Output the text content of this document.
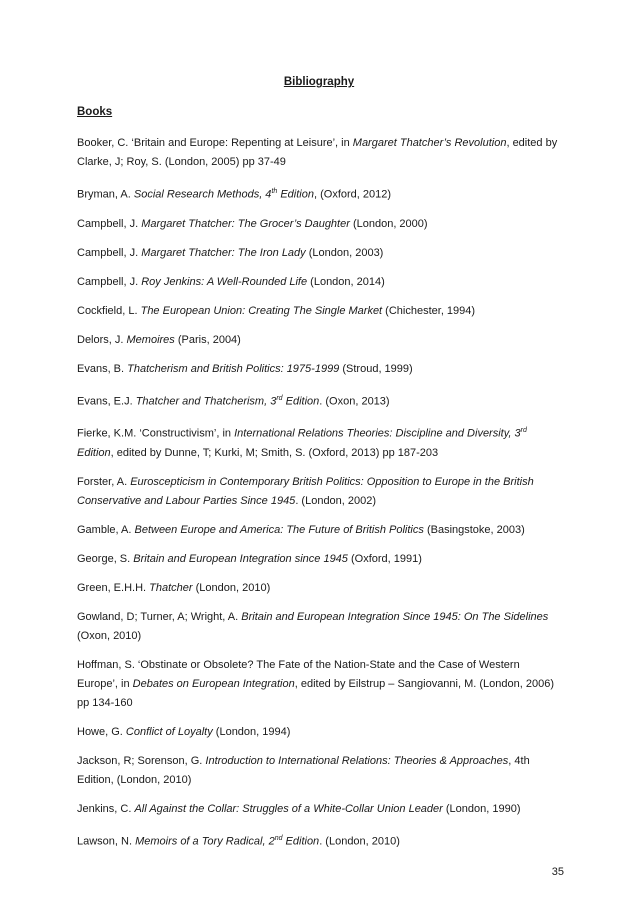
Bibliography
Books

Booker, C. ‘Britain and Europe: Repenting at Leisure’, in Margaret Thatcher’s Revolution, edited by Clarke, J; Roy, S. (London, 2005) pp 37-49

Bryman, A. Social Research Methods, 4th Edition, (Oxford, 2012)

Campbell, J. Margaret Thatcher: The Grocer’s Daughter (London, 2000)

Campbell, J. Margaret Thatcher: The Iron Lady (London, 2003)

Campbell, J. Roy Jenkins: A Well-Rounded Life (London, 2014)

Cockfield, L. The European Union: Creating The Single Market (Chichester, 1994)

Delors, J. Memoires (Paris, 2004)

Evans, B. Thatcherism and British Politics: 1975-1999 (Stroud, 1999)

Evans, E.J. Thatcher and Thatcherism, 3rd Edition. (Oxon, 2013)

Fierke, K.M. ‘Constructivism’, in International Relations Theories: Discipline and Diversity, 3rd Edition, edited by Dunne, T; Kurki, M; Smith, S. (Oxford, 2013) pp 187-203

Forster, A. Euroscepticism in Contemporary British Politics: Opposition to Europe in the British Conservative and Labour Parties Since 1945. (London, 2002)

Gamble, A. Between Europe and America: The Future of British Politics (Basingstoke, 2003)

George, S. Britain and European Integration since 1945 (Oxford, 1991)

Green, E.H.H. Thatcher (London, 2010)

Gowland, D; Turner, A; Wright, A. Britain and European Integration Since 1945: On The Sidelines (Oxon, 2010)

Hoffman, S. ‘Obstinate or Obsolete? The Fate of the Nation-State and the Case of Western Europe’, in Debates on European Integration, edited by Eilstrup – Sangiovanni, M. (London, 2006) pp 134-160

Howe, G. Conflict of Loyalty (London, 1994)

Jackson, R; Sorenson, G. Introduction to International Relations: Theories & Approaches, 4th Edition, (London, 2010)

Jenkins, C. All Against the Collar: Struggles of a White-Collar Union Leader (London, 1990)

Lawson, N. Memoirs of a Tory Radical, 2nd Edition. (London, 2010)

35
